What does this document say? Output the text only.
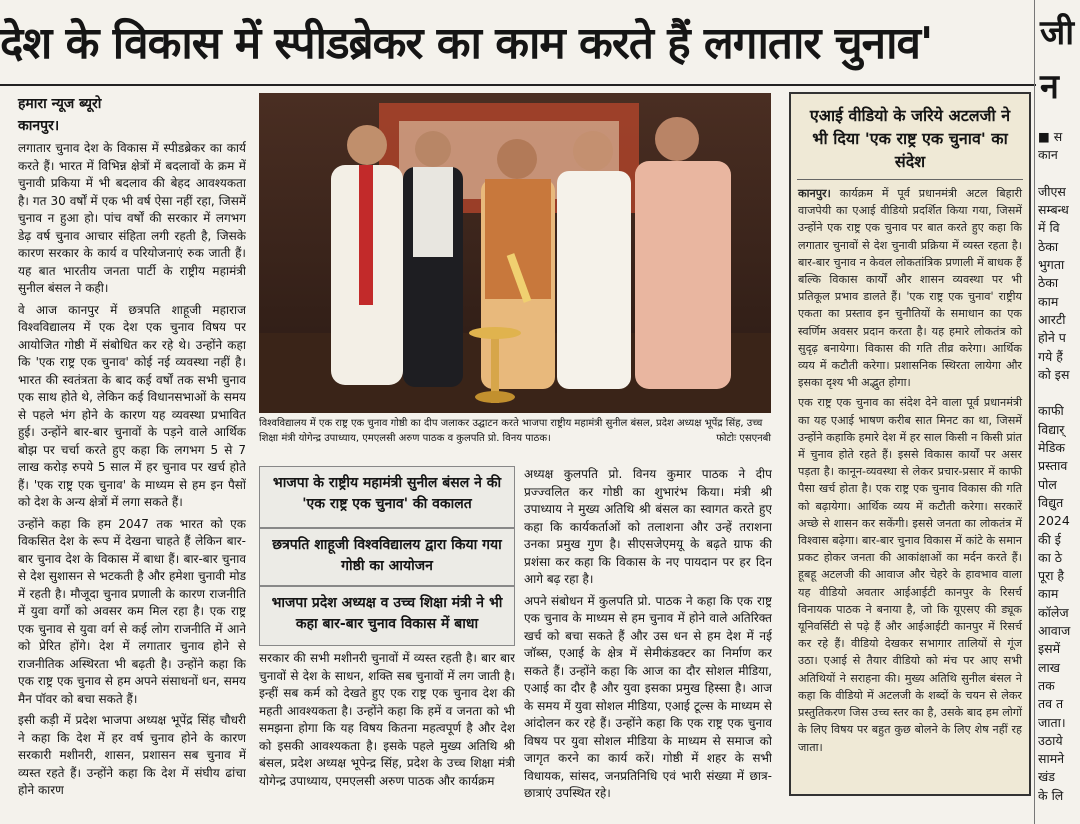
देश के विकास में स्पीडब्रेकर का काम करते हैं लगातार चुनाव'
हमारा न्यूज ब्यूरो
कानपुर।

लगातार चुनाव देश के विकास में स्पीडब्रेकर का कार्य करते हैं। भारत में विभिन्न क्षेत्रों में बदलावों के क्रम में चुनावी प्रकिया में भी बदलाव की बेहद आवश्यकता है। गत 30 वर्षों में एक भी वर्ष ऐसा नहीं रहा, जिसमें चुनाव न हुआ हो। पांच वर्षों की सरकार में लगभग डेढ़ वर्ष चुनाव आचार संहिता लगी रहती है, जिसके कारण सरकार के कार्य व परियोजनाएं रुक जाती हैं। यह बात भारतीय जनता पार्टी के राष्ट्रीय महामंत्री सुनील बंसल ने कही।

वे आज कानपुर में छत्रपति शाहूजी महाराज विश्वविद्यालय में एक देश एक चुनाव विषय पर आयोजित गोष्ठी में संबोधित कर रहे थे। उन्होंने कहा कि 'एक राष्ट्र एक चुनाव' कोई नई व्यवस्था नहीं है। भारत की स्वतंत्रता के बाद कई वर्षों तक सभी चुनाव एक साथ होते थे, लेकिन कई विधानसभाओं के समय से पहले भंग होने के कारण यह व्यवस्था प्रभावित हुई। उन्होंने बार-बार चुनावों के पड़ने वाले आर्थिक बोझ पर चर्चा करते हुए कहा कि लगभग 5 से 7 लाख करोड़ रुपये 5 साल में हर चुनाव पर खर्च होते हैं। 'एक राष्ट्र एक चुनाव' के माध्यम से हम इन पैसों को देश के अन्य क्षेत्रों में लगा सकते हैं।

उन्होंने कहा कि हम 2047 तक भारत को एक विकसित देश के रूप में देखना चाहते हैं लेकिन बार-बार चुनाव देश के विकास में बाधा हैं। बार-बार चुनाव से देश सुशासन से भटकती है और हमेशा चुनावी मोड में रहती है। मौजूदा चुनाव प्रणाली के कारण राजनीति में युवा वर्गों को अवसर कम मिल रहा है। एक राष्ट्र एक चुनाव से युवा वर्ग से कई लोग राजनीति में आने को प्रेरित होंगे। देश में लगातार चुनाव होने से राजनीतिक अस्थिरता भी बढ़ती है। उन्होंने कहा कि एक राष्ट्र एक चुनाव से हम अपने संसाधनों धन, समय मैन पॉवर को बचा सकते हैं।

इसी कड़ी में प्रदेश भाजपा अध्यक्ष भूपेंद्र सिंह चौधरी ने कहा कि देश में हर वर्ष चुनाव होने के कारण सरकारी मशीनरी, शासन, प्रशासन सब चुनाव में व्यस्त रहते हैं। उन्होंने कहा कि देश में संघीय ढांचा होने कारण

विश्वविद्यालय में एक राष्ट्र एक चुनाव गोष्ठी का दीप जलाकर उद्घाटन करते भाजपा राष्ट्रीय महामंत्री सुनील बंसल, प्रदेश अध्यक्ष भूपेंद्र सिंह, उच्च शिक्षा मंत्री योगेन्द्र उपाध्याय, एमएलसी अरुण पाठक व कुलपति प्रो. विनय पाठक।	फोटोः एसएनबी
भाजपा के राष्ट्रीय महामंत्री सुनील बंसल ने की 'एक राष्ट्र एक चुनाव' की वकालत
छत्रपति शाहूजी विश्वविद्यालय द्वारा किया गया गोष्ठी का आयोजन
भाजपा प्रदेश अध्यक्ष व उच्च शिक्षा मंत्री ने भी कहा बार-बार चुनाव विकास में बाधा

सरकार की सभी मशीनरी चुनावों में व्यस्त रहती है। बार बार चुनावों से देश के साधन, शक्ति सब चुनावों में लग जाती है। इन्हीं सब कर्म को देखते हुए एक राष्ट्र एक चुनाव देश की महती आवश्यकता है। उन्होंने कहा कि हमें व जनता को भी समझना होगा कि यह विषय कितना महत्वपूर्ण है और देश को इसकी आवश्यकता है। इसके पहले मुख्य अतिथि श्री बंसल, प्रदेश अध्यक्ष भूपेन्द्र सिंह, प्रदेश के उच्च शिक्षा मंत्री योगेन्द्र उपाध्याय, एमएलसी अरुण पाठक और कार्यक्रम

अध्यक्ष कुलपति प्रो. विनय कुमार पाठक ने दीप प्रज्ज्वलित कर गोष्ठी का शुभारंभ किया। मंत्री श्री उपाध्याय ने मुख्य अतिथि श्री बंसल का स्वागत करते हुए कहा कि कार्यकर्ताओं को तलाशना और उन्हें तराशना उनका प्रमुख गुण है। सीएसजेएमयू के बढ़ते ग्राफ की प्रशंसा कर कहा कि विकास के नए पायदान पर हर दिन आगे बढ़ रहा है।

अपने संबोधन में कुलपति प्रो. पाठक ने कहा कि एक राष्ट्र एक चुनाव के माध्यम से हम चुनाव में होने वाले अतिरिक्त खर्च को बचा सकते हैं और उस धन से हम देश में नई जॉब्स, एआई के क्षेत्र में सेमीकंडक्टर का निर्माण कर सकते हैं। उन्होंने कहा कि आज का दौर सोशल मीडिया, एआई का दौर है और युवा इसका प्रमुख हिस्सा है। आज के समय में युवा सोशल मीडिया, एआई टूल्स के माध्यम से आंदोलन कर रहे हैं। उन्होंने कहा कि एक राष्ट्र एक चुनाव विषय पर युवा सोशल मीडिया के माध्यम से समाज को जागृत करने का कार्य करें। गोष्ठी में शहर के सभी विधायक, सांसद, जनप्रतिनिधि एवं भारी संख्या में छात्र-छात्राएं उपस्थित रहे।

एआई वीडियो के जरिये अटलजी ने भी दिया 'एक राष्ट्र एक चुनाव' का संदेश

कानपुर। कार्यक्रम में पूर्व प्रधानमंत्री अटल बिहारी वाजपेयी का एआई वीडियो प्रदर्शित किया गया, जिसमें उन्होंने एक राष्ट्र एक चुनाव पर बात करते हुए कहा कि लगातार चुनावों से देश चुनावी प्रक्रिया में व्यस्त रहता है। बार-बार चुनाव न केवल लोकतांत्रिक प्रणाली में बाधक हैं बल्कि विकास कार्यों और शासन व्यवस्था पर भी प्रतिकूल प्रभाव डालते हैं। 'एक राष्ट्र एक चुनाव' राष्ट्रीय एकता का प्रस्ताव इन चुनौतियों के समाधान का एक स्वर्णिम अवसर प्रदान करता है। यह हमारे लोकतंत्र को सुदृढ़ बनायेगा। विकास की गति तीव्र करेगा। आर्थिक व्यय में कटौती करेगा। प्रशासनिक स्थिरता लायेगा और इसका दृश्य भी अद्भुत होगा।

एक राष्ट्र एक चुनाव का संदेश देने वाला पूर्व प्रधानमंत्री का यह एआई भाषण करीब सात मिनट का था, जिसमें उन्होंने कहाकि हमारे देश में हर साल किसी न किसी प्रांत में चुनाव होते रहते हैं। इससे विकास कार्यों पर असर पड़ता है। कानून-व्यवस्था से लेकर प्रचार-प्रसार में काफी पैसा खर्च होता है। एक राष्ट्र एक चुनाव विकास की गति को बढ़ायेगा। आर्थिक व्यय में कटौती करेगा। सरकारें अच्छे से शासन कर सकेंगी। इससे जनता का लोकतंत्र में विश्वास बढ़ेगा। बार-बार चुनाव विकास में कांटे के समान प्रकट होकर जनता की आकांक्षाओं का मर्दन करते हैं। हूबहू अटलजी की आवाज और चेहरे के हावभाव वाला यह वीडियो अवतार आईआईटी कानपुर के रिसर्च विनायक पाठक ने बनाया है, जो कि यूएसए की ड्यूक यूनिवर्सिटी से पढ़े हैं और आईआईटी कानपुर में रिसर्च कर रहे हैं। वीडियो देखकर सभागार तालियों से गूंज उठा। एआई से तैयार वीडियो को मंच पर आए सभी अतिथियों ने सराहना की। मुख्य अतिथि सुनील बंसल ने कहा कि वीडियो में अटलजी के शब्दों के चयन से लेकर प्रस्तुतिकरण जिस उच्च स्तर का है, उसके बाद हम लोगों के लिए विषय पर बहुत कुछ बोलने के लिए शेष नहीं रह जाता।

जी
न
■ स
कान

जीएस
सम्बन्ध
में वि
ठेका
भुगता
ठेका
काम
आरटी
होने प
गये हैं
को इस

काफी
विद्यार्
मेडिक
प्रस्ताव
पोल
विद्युत
2024
की ई
का ठे
पूरा है
काम
कॉलेज
आवाज
इसमें
लाख
तक
तव त
जाता।
उठाये
सामने
खंड
के लि
